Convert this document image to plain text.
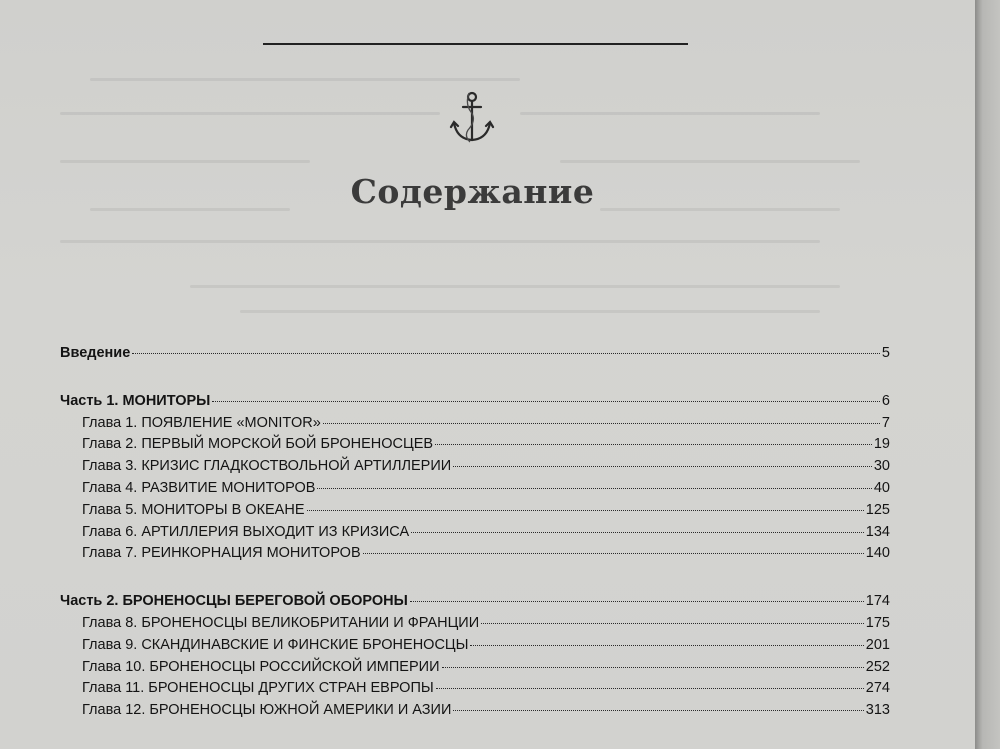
Содержание
Введение	5
Часть 1. МОНИТОРЫ	6
Глава 1. ПОЯВЛЕНИЕ «MONITOR»	7
Глава 2. ПЕРВЫЙ МОРСКОЙ БОЙ БРОНЕНОСЦЕВ	19
Глава 3. КРИЗИС ГЛАДКОСТВОЛЬНОЙ АРТИЛЛЕРИИ	30
Глава 4. РАЗВИТИЕ МОНИТОРОВ	40
Глава 5. МОНИТОРЫ В ОКЕАНЕ	125
Глава 6. АРТИЛЛЕРИЯ ВЫХОДИТ ИЗ КРИЗИСА	134
Глава 7. РЕИНКОРНАЦИЯ МОНИТОРОВ	140
Часть 2. БРОНЕНОСЦЫ БЕРЕГОВОЙ ОБОРОНЫ	174
Глава 8. БРОНЕНОСЦЫ ВЕЛИКОБРИТАНИИ И ФРАНЦИИ	175
Глава 9. СКАНДИНАВСКИЕ И ФИНСКИЕ БРОНЕНОСЦЫ	201
Глава 10. БРОНЕНОСЦЫ РОССИЙСКОЙ ИМПЕРИИ	252
Глава 11. БРОНЕНОСЦЫ ДРУГИХ СТРАН ЕВРОПЫ	274
Глава 12. БРОНЕНОСЦЫ ЮЖНОЙ АМЕРИКИ И АЗИИ	313
